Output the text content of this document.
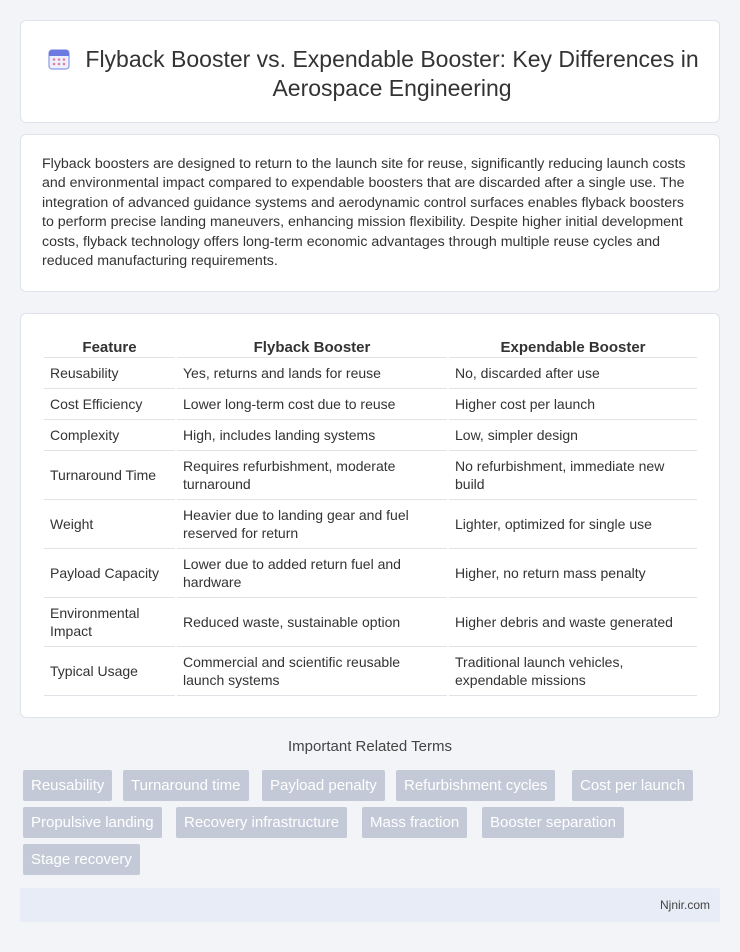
Flyback Booster vs. Expendable Booster: Key Differences in Aerospace Engineering

Flyback boosters are designed to return to the launch site for reuse, significantly reducing launch costs and environmental impact compared to expendable boosters that are discarded after a single use. The integration of advanced guidance systems and aerodynamic control surfaces enables flyback boosters to perform precise landing maneuvers, enhancing mission flexibility. Despite higher initial development costs, flyback technology offers long-term economic advantages through multiple reuse cycles and reduced manufacturing requirements.

Feature	Flyback Booster	Expendable Booster
Reusability	Yes, returns and lands for reuse	No, discarded after use
Cost Efficiency	Lower long-term cost due to reuse	Higher cost per launch
Complexity	High, includes landing systems	Low, simpler design
Turnaround Time	Requires refurbishment, moderate turnaround	No refurbishment, immediate new build
Weight	Heavier due to landing gear and fuel reserved for return	Lighter, optimized for single use
Payload Capacity	Lower due to added return fuel and hardware	Higher, no return mass penalty
Environmental Impact	Reduced waste, sustainable option	Higher debris and waste generated
Typical Usage	Commercial and scientific reusable launch systems	Traditional launch vehicles, expendable missions
Important Related Terms
Reusability	Turnaround time	Payload penalty	Refurbishment cycles	Cost per launch
Propulsive landing	Recovery infrastructure	Mass fraction	Booster separation
Stage recovery
Njnir.com
